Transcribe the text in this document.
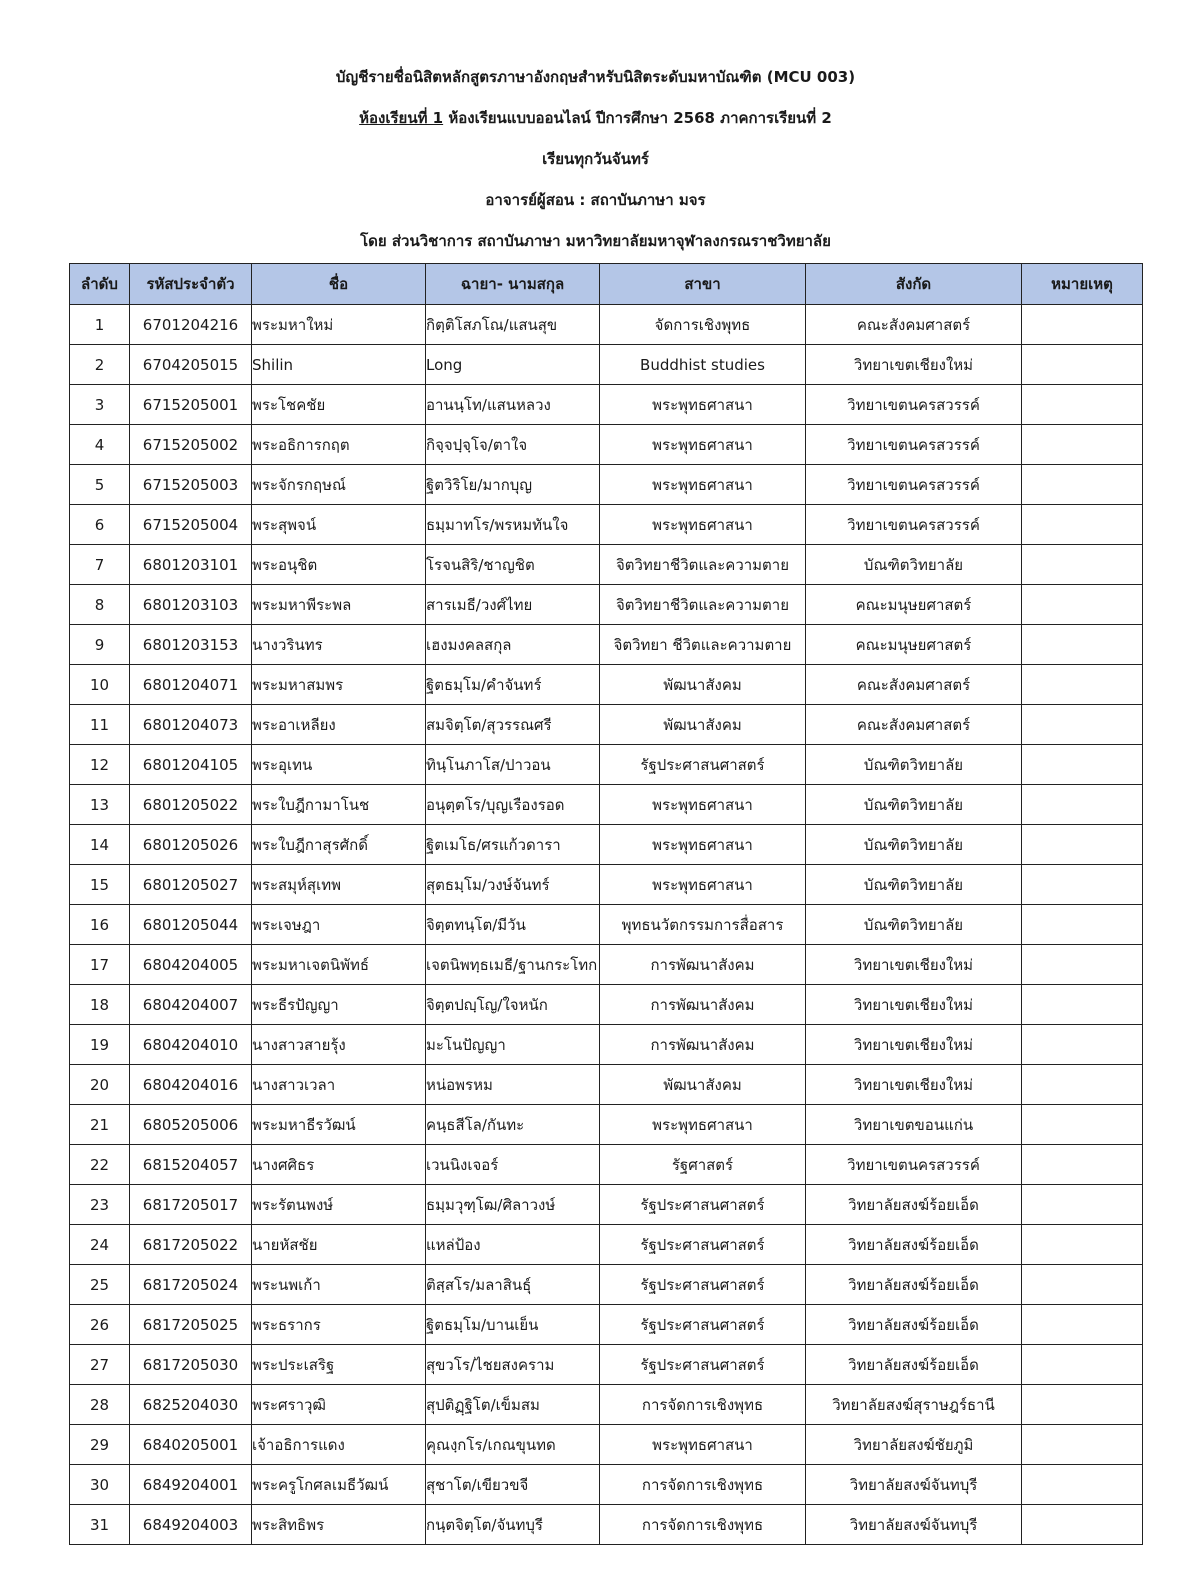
บัญชีรายชื่อนิสิตหลักสูตรภาษาอังกฤษสำหรับนิสิตระดับมหาบัณฑิต (MCU 003)
ห้องเรียนที่ 1 ห้องเรียนแบบออนไลน์ ปีการศึกษา 2568 ภาคการเรียนที่ 2
เรียนทุกวันจันทร์
อาจารย์ผู้สอน : สถาบันภาษา มจร
โดย ส่วนวิชาการ สถาบันภาษา มหาวิทยาลัยมหาจุฬาลงกรณราชวิทยาลัย
ลำดับ	รหัสประจำตัว	ชื่อ	ฉายา- นามสกุล	สาขา	สังกัด	หมายเหตุ
1	6701204216	พระมหาใหม่	กิตฺติโสภโณ/แสนสุข	จัดการเชิงพุทธ	คณะสังคมศาสตร์	
2	6704205015	Shilin	Long	Buddhist studies	วิทยาเขตเชียงใหม่	
3	6715205001	พระโชคชัย	อานนฺโท/แสนหลวง	พระพุทธศาสนา	วิทยาเขตนครสวรรค์	
4	6715205002	พระอธิการกฤต	กิจฺจปฺจฺโจ/ตาใจ	พระพุทธศาสนา	วิทยาเขตนครสวรรค์	
5	6715205003	พระจักรกฤษณ์	ฐิตวิริโย/มากบุญ	พระพุทธศาสนา	วิทยาเขตนครสวรรค์	
6	6715205004	พระสุพจน์	ธมฺมาทโร/พรหมทันใจ	พระพุทธศาสนา	วิทยาเขตนครสวรรค์	
7	6801203101	พระอนุชิต	โรจนสิริ/ชาญชิต	จิตวิทยาชีวิตและความตาย	บัณฑิตวิทยาลัย	
8	6801203103	พระมหาพีระพล	สารเมธี/วงศ์ไทย	จิตวิทยาชีวิตและความตาย	คณะมนุษยศาสตร์	
9	6801203153	นางวรินทร	เฮงมงคลสกุล	จิตวิทยา ชีวิตและความตาย	คณะมนุษยศาสตร์	
10	6801204071	พระมหาสมพร	ฐิตธมฺโม/คำจันทร์	พัฒนาสังคม	คณะสังคมศาสตร์	
11	6801204073	พระอาเหลียง	สมจิตฺโต/สุวรรณศรี	พัฒนาสังคม	คณะสังคมศาสตร์	
12	6801204105	พระอุเทน	ทินฺโนภาโส/ปาวอน	รัฐประศาสนศาสตร์	บัณฑิตวิทยาลัย	
13	6801205022	พระใบฎีกามาโนช	อนุตฺตโร/บุญเรืองรอด	พระพุทธศาสนา	บัณฑิตวิทยาลัย	
14	6801205026	พระใบฎีกาสุรศักดิ์	ฐิตเมโธ/ศรแก้วดารา	พระพุทธศาสนา	บัณฑิตวิทยาลัย	
15	6801205027	พระสมุห์สุเทพ	สุตธมฺโม/วงษ์จันทร์	พระพุทธศาสนา	บัณฑิตวิทยาลัย	
16	6801205044	พระเจษฎา	จิตฺตทนฺโต/มีวัน	พุทธนวัตกรรมการสื่อสาร	บัณฑิตวิทยาลัย	
17	6804204005	พระมหาเจตนิพัทธ์	เจตนิพทฺธเมธี/ฐานกระโทก	การพัฒนาสังคม	วิทยาเขตเชียงใหม่	
18	6804204007	พระธีรปัญญา	จิตฺตปญฺโญ/ใจหนัก	การพัฒนาสังคม	วิทยาเขตเชียงใหม่	
19	6804204010	นางสาวสายรุ้ง	มะโนปัญญา	การพัฒนาสังคม	วิทยาเขตเชียงใหม่	
20	6804204016	นางสาวเวลา	หน่อพรหม	พัฒนาสังคม	วิทยาเขตเชียงใหม่	
21	6805205006	พระมหาธีรวัฒน์	คนฺธสีโล/กันทะ	พระพุทธศาสนา	วิทยาเขตขอนแก่น	
22	6815204057	นางศศิธร	เวนนิงเจอร์	รัฐศาสตร์	วิทยาเขตนครสวรรค์	
23	6817205017	พระรัตนพงษ์	ธมฺมวุฑฺโฒ/ศิลาวงษ์	รัฐประศาสนศาสตร์	วิทยาลัยสงฆ์ร้อยเอ็ด	
24	6817205022	นายหัสชัย	แหล่ป้อง	รัฐประศาสนศาสตร์	วิทยาลัยสงฆ์ร้อยเอ็ด	
25	6817205024	พระนพเก้า	ติสฺสโร/มลาสินธุ์	รัฐประศาสนศาสตร์	วิทยาลัยสงฆ์ร้อยเอ็ด	
26	6817205025	พระธรากร	ฐิตธมฺโม/บานเย็น	รัฐประศาสนศาสตร์	วิทยาลัยสงฆ์ร้อยเอ็ด	
27	6817205030	พระประเสริฐ	สุขวโร/ไชยสงคราม	รัฐประศาสนศาสตร์	วิทยาลัยสงฆ์ร้อยเอ็ด	
28	6825204030	พระศราวุฒิ	สุปติฏฺฐิโต/เข็มสม	การจัดการเชิงพุทธ	วิทยาลัยสงฆ์สุราษฎร์ธานี	
29	6840205001	เจ้าอธิการแดง	คุณงฺกโร/เกณขุนทด	พระพุทธศาสนา	วิทยาลัยสงฆ์ชัยภูมิ	
30	6849204001	พระครูโกศลเมธีวัฒน์	สุชาโต/เขียวขจี	การจัดการเชิงพุทธ	วิทยาลัยสงฆ์จันทบุรี	
31	6849204003	พระสิทธิพร	กนฺตจิตฺโต/จันทบุรี	การจัดการเชิงพุทธ	วิทยาลัยสงฆ์จันทบุรี	
